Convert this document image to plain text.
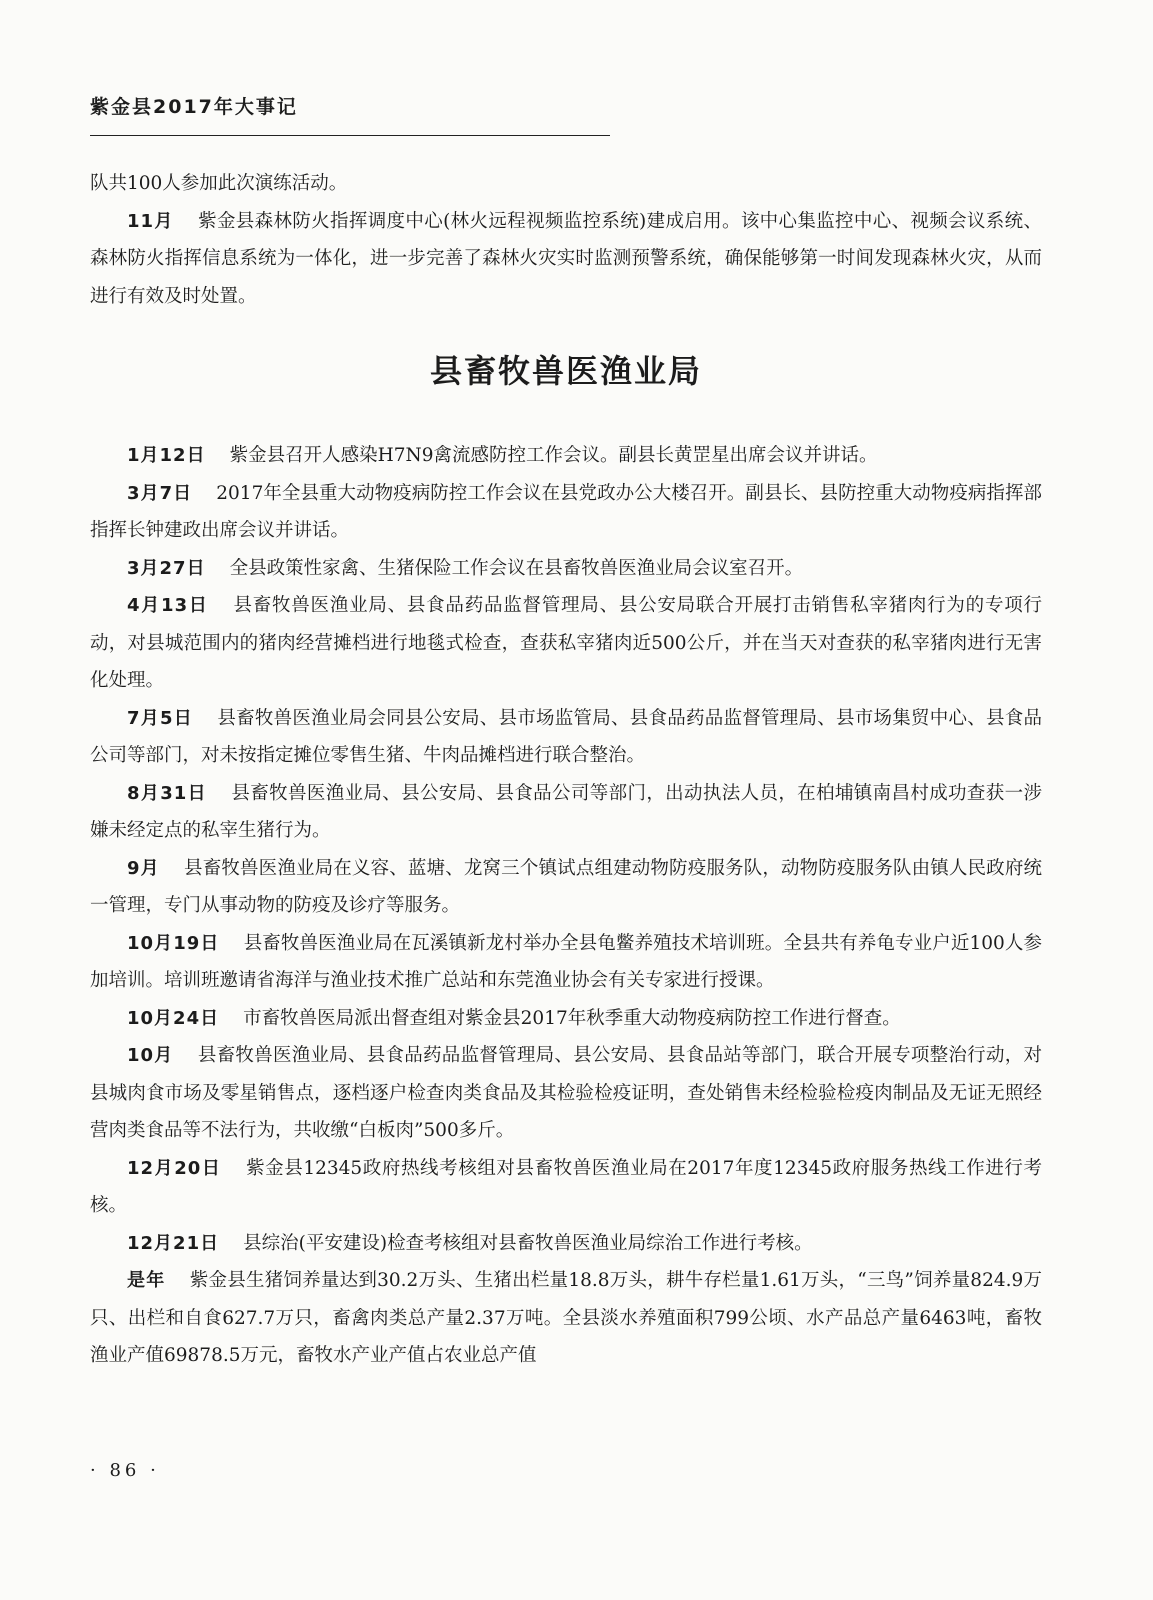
紫金县2017年大事记

队共100人参加此次演练活动。

11月 紫金县森林防火指挥调度中心(林火远程视频监控系统)建成启用。该中心集监控中心、视频会议系统、森林防火指挥信息系统为一体化，进一步完善了森林火灾实时监测预警系统，确保能够第一时间发现森林火灾，从而进行有效及时处置。

县畜牧兽医渔业局

1月12日 紫金县召开人感染H7N9禽流感防控工作会议。副县长黄罡星出席会议并讲话。

3月7日 2017年全县重大动物疫病防控工作会议在县党政办公大楼召开。副县长、县防控重大动物疫病指挥部指挥长钟建政出席会议并讲话。

3月27日 全县政策性家禽、生猪保险工作会议在县畜牧兽医渔业局会议室召开。

4月13日 县畜牧兽医渔业局、县食品药品监督管理局、县公安局联合开展打击销售私宰猪肉行为的专项行动，对县城范围内的猪肉经营摊档进行地毯式检查，查获私宰猪肉近500公斤，并在当天对查获的私宰猪肉进行无害化处理。

7月5日 县畜牧兽医渔业局会同县公安局、县市场监管局、县食品药品监督管理局、县市场集贸中心、县食品公司等部门，对未按指定摊位零售生猪、牛肉品摊档进行联合整治。

8月31日 县畜牧兽医渔业局、县公安局、县食品公司等部门，出动执法人员，在柏埔镇南昌村成功查获一涉嫌未经定点的私宰生猪行为。

9月 县畜牧兽医渔业局在义容、蓝塘、龙窝三个镇试点组建动物防疫服务队，动物防疫服务队由镇人民政府统一管理，专门从事动物的防疫及诊疗等服务。

10月19日 县畜牧兽医渔业局在瓦溪镇新龙村举办全县龟鳖养殖技术培训班。全县共有养龟专业户近100人参加培训。培训班邀请省海洋与渔业技术推广总站和东莞渔业协会有关专家进行授课。

10月24日 市畜牧兽医局派出督查组对紫金县2017年秋季重大动物疫病防控工作进行督查。

10月 县畜牧兽医渔业局、县食品药品监督管理局、县公安局、县食品站等部门，联合开展专项整治行动，对县城肉食市场及零星销售点，逐档逐户检查肉类食品及其检验检疫证明，查处销售未经检验检疫肉制品及无证无照经营肉类食品等不法行为，共收缴“白板肉”500多斤。

12月20日 紫金县12345政府热线考核组对县畜牧兽医渔业局在2017年度12345政府服务热线工作进行考核。

12月21日 县综治(平安建设)检查考核组对县畜牧兽医渔业局综治工作进行考核。

是年 紫金县生猪饲养量达到30.2万头、生猪出栏量18.8万头，耕牛存栏量1.61万头，“三鸟”饲养量824.9万只、出栏和自食627.7万只，畜禽肉类总产量2.37万吨。全县淡水养殖面积799公顷、水产品总产量6463吨，畜牧渔业产值69878.5万元，畜牧水产业产值占农业总产值

· 86 ·
